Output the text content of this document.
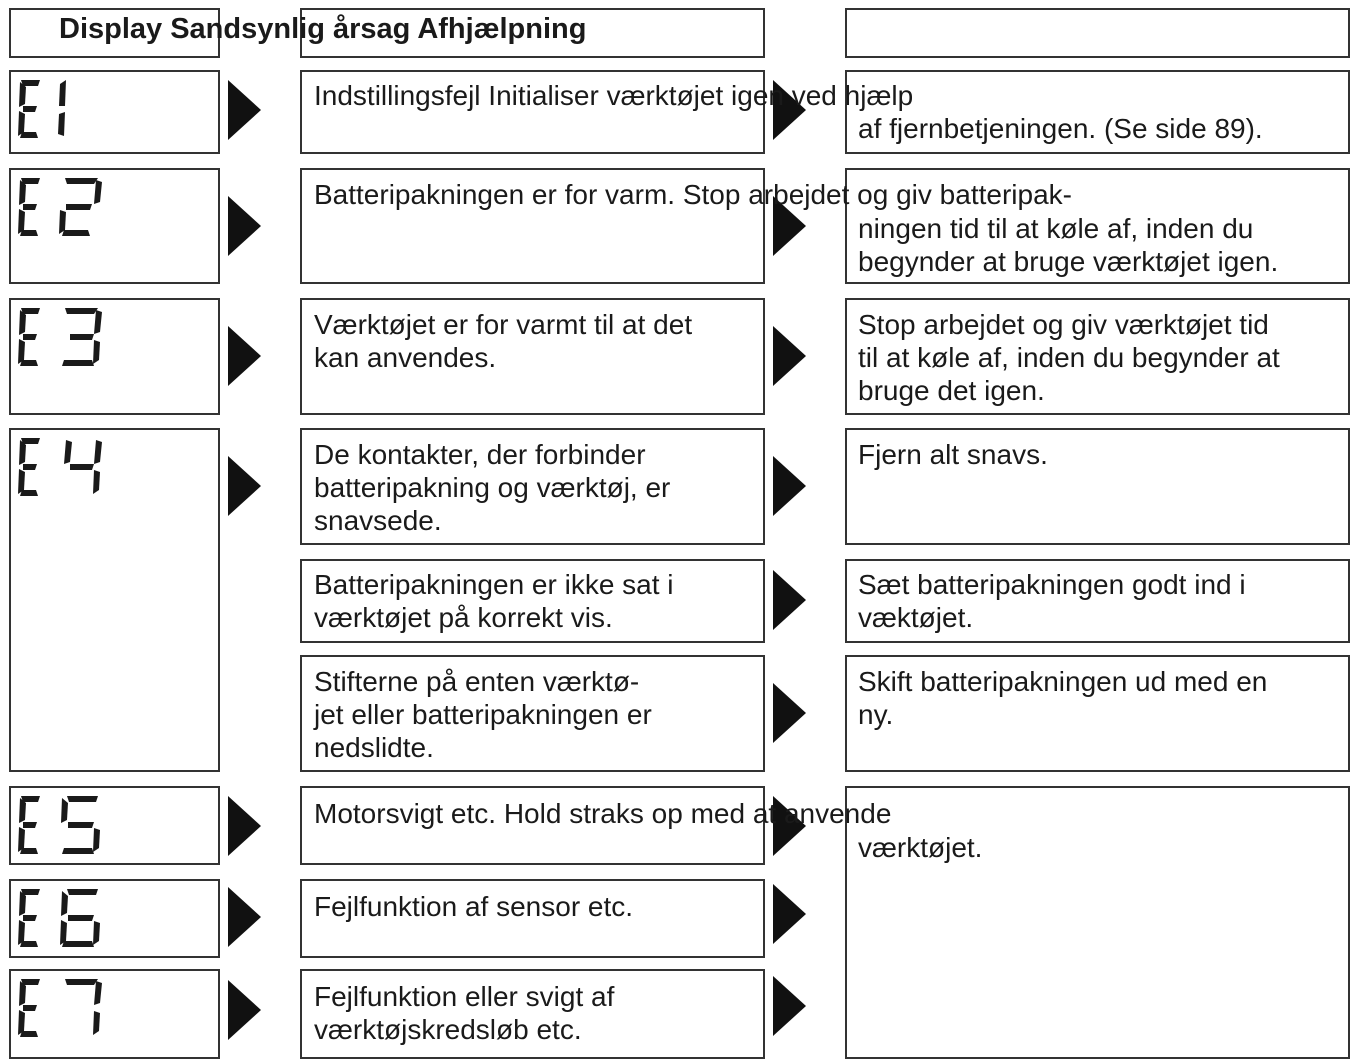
Display Sandsynlig årsag Afhjælpning
Indstillingsfejl Initialiser værktøjet igen ved hjælp
Batteripakningen er for varm. Stop arbejdet og giv batteripak-
Værktøjet er for varmt til at det
kan anvendes.
De kontakter, der forbinder
batteripakning og værktøj, er
snavsede.
Batteripakningen er ikke sat i
værktøjet på korrekt vis.
Stifterne på enten værktø-
jet eller batteripakningen er
nedslidte.
Motorsvigt etc. Hold straks op med at anvende
Fejlfunktion af sensor etc.
Fejlfunktion eller svigt af
værktøjskredsløb etc.
af fjernbetjeningen. (Se side 89).
ningen tid til at køle af, inden du
begynder at bruge værktøjet igen.
Stop arbejdet og giv værktøjet tid
til at køle af, inden du begynder at
bruge det igen.
Fjern alt snavs.
Sæt batteripakningen godt ind i
væktøjet.
Skift batteripakningen ud med en
ny.
værktøjet.
